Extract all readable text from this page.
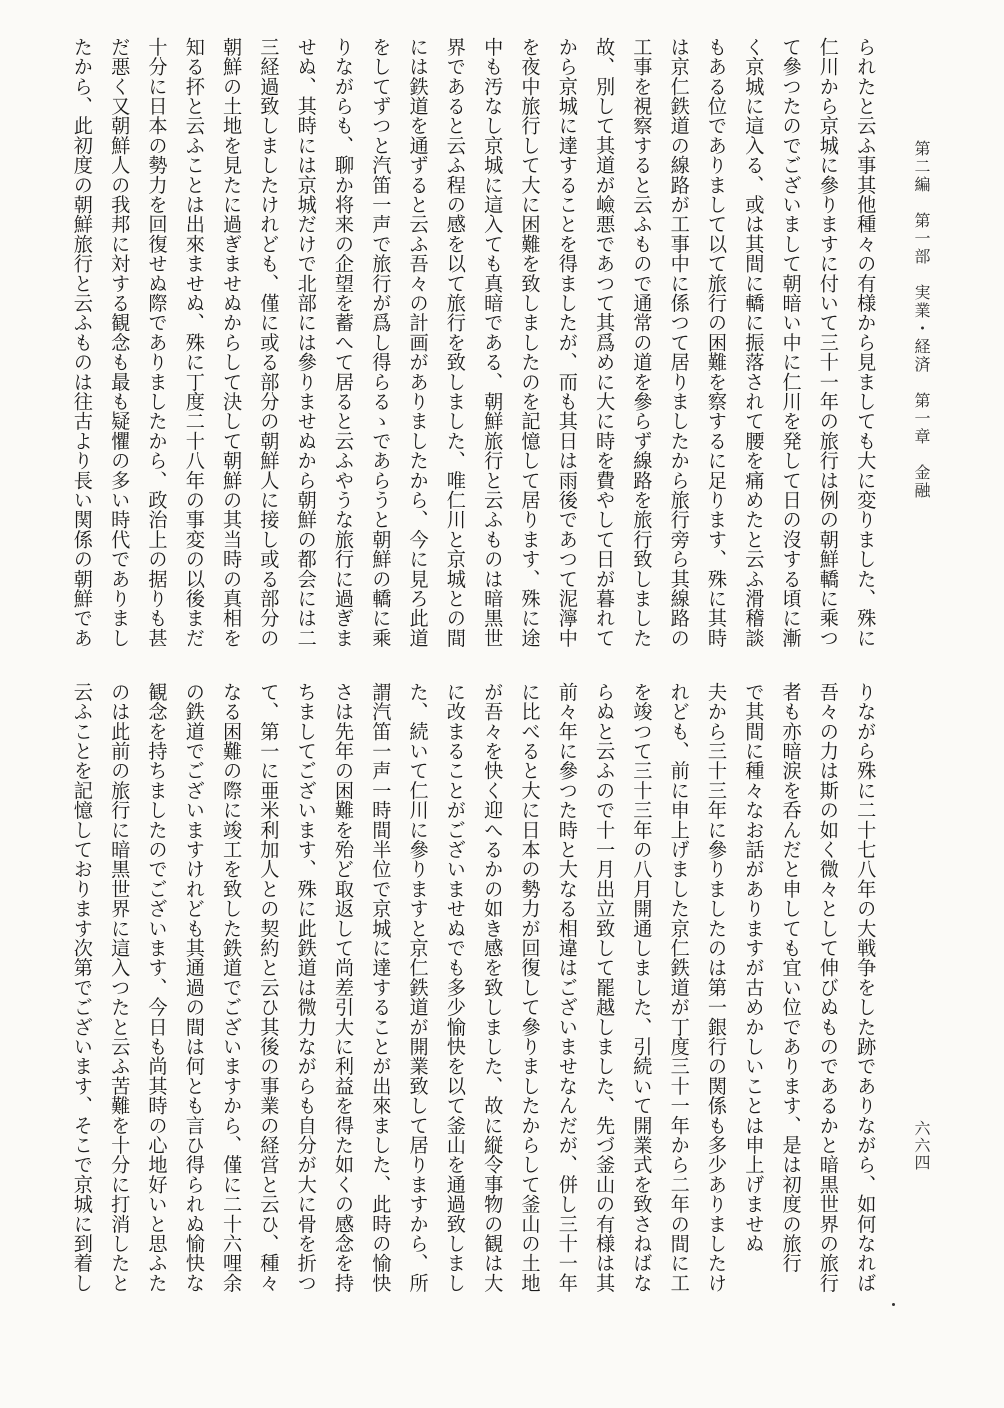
第二編　第一部　実業・経済　第一章　金融
六六四
られたと云ふ事其他種々の有様から見ましても大に変りました、殊に
仁川から京城に參りますに付いて三十一年の旅行は例の朝鮮轎に乘つ
て參つたのでございまして朝暗い中に仁川を発して日の沒する頃に漸
く京城に這入る、或は其間に轎に振落されて腰を痛めたと云ふ滑稽談
もある位でありまして以て旅行の困難を察するに足ります、殊に其時
は京仁鉄道の線路が工事中に係つて居りましたから旅行旁ら其線路の
工事を視察すると云ふもので通常の道を參らず線路を旅行致しました
故、別して其道が嶮悪であつて其爲めに大に時を費やして日が暮れて
から京城に達することを得ましたが、而も其日は雨後であつて泥濘中
を夜中旅行して大に困難を致しましたのを記憶して居ります、殊に途
中も汚なし京城に這入ても真暗である、朝鮮旅行と云ふものは暗黒世
界であると云ふ程の感を以て旅行を致しました、唯仁川と京城との間
には鉄道を通ずると云ふ吾々の計画がありましたから、今に見ろ此道
をしてずつと汽笛一声で旅行が爲し得らるゝであらうと朝鮮の轎に乘
りながらも、聊か将来の企望を蓄へて居ると云ふやうな旅行に過ぎま
せぬ、其時には京城だけで北部には參りませぬから朝鮮の都会には二
三経過致しましたけれども、僅に或る部分の朝鮮人に接し或る部分の
朝鮮の土地を見たに過ぎませぬからして決して朝鮮の其当時の真相を
知る抔と云ふことは出來ませぬ、殊に丁度二十八年の事変の以後まだ
十分に日本の勢力を回復せぬ際でありましたから、政治上の据りも甚
だ悪く又朝鮮人の我邦に対する観念も最も疑懼の多い時代でありまし
たから、此初度の朝鮮旅行と云ふものは往古より長い関係の朝鮮であ
りながら殊に二十七八年の大戦争をした跡でありながら、如何なれば
吾々の力は斯の如く微々として伸びぬものであるかと暗黒世界の旅行
者も亦暗涙を呑んだと申しても宜い位であります、是は初度の旅行
で其間に種々なお話がありますが古めかしいことは申上げませぬ
夫から三十三年に參りましたのは第一銀行の関係も多少ありましたけ
れども、前に申上げました京仁鉄道が丁度三十一年から二年の間に工
を竣つて三十三年の八月開通しました、引続いて開業式を致さねばな
らぬと云ふので十一月出立致して罷越しました、先づ釜山の有様は其
前々年に參つた時と大なる相違はございませなんだが、併し三十一年
に比べると大に日本の勢力が回復して參りましたからして釜山の土地
が吾々を快く迎へるかの如き感を致しました、故に縦令事物の観は大
に改まることがございませぬでも多少愉快を以て釜山を通過致しまし
た、続いて仁川に參りますと京仁鉄道が開業致して居りますから、所
謂汽笛一声一時間半位で京城に達することが出來ました、此時の愉快
さは先年の困難を殆ど取返して尚差引大に利益を得た如くの感念を持
ちましてございます、殊に此鉄道は微力ながらも自分が大に骨を折つ
て、第一に亜米利加人との契約と云ひ其後の事業の経営と云ひ、種々
なる困難の際に竣工を致した鉄道でございますから、僅に二十六哩余
の鉄道でございますけれども其通過の間は何とも言ひ得られぬ愉快な
観念を持ちましたのでございます、今日も尚其時の心地好いと思ふた
のは此前の旅行に暗黒世界に這入つたと云ふ苦難を十分に打消したと
云ふことを記憶しております次第でございます、そこで京城に到着し
